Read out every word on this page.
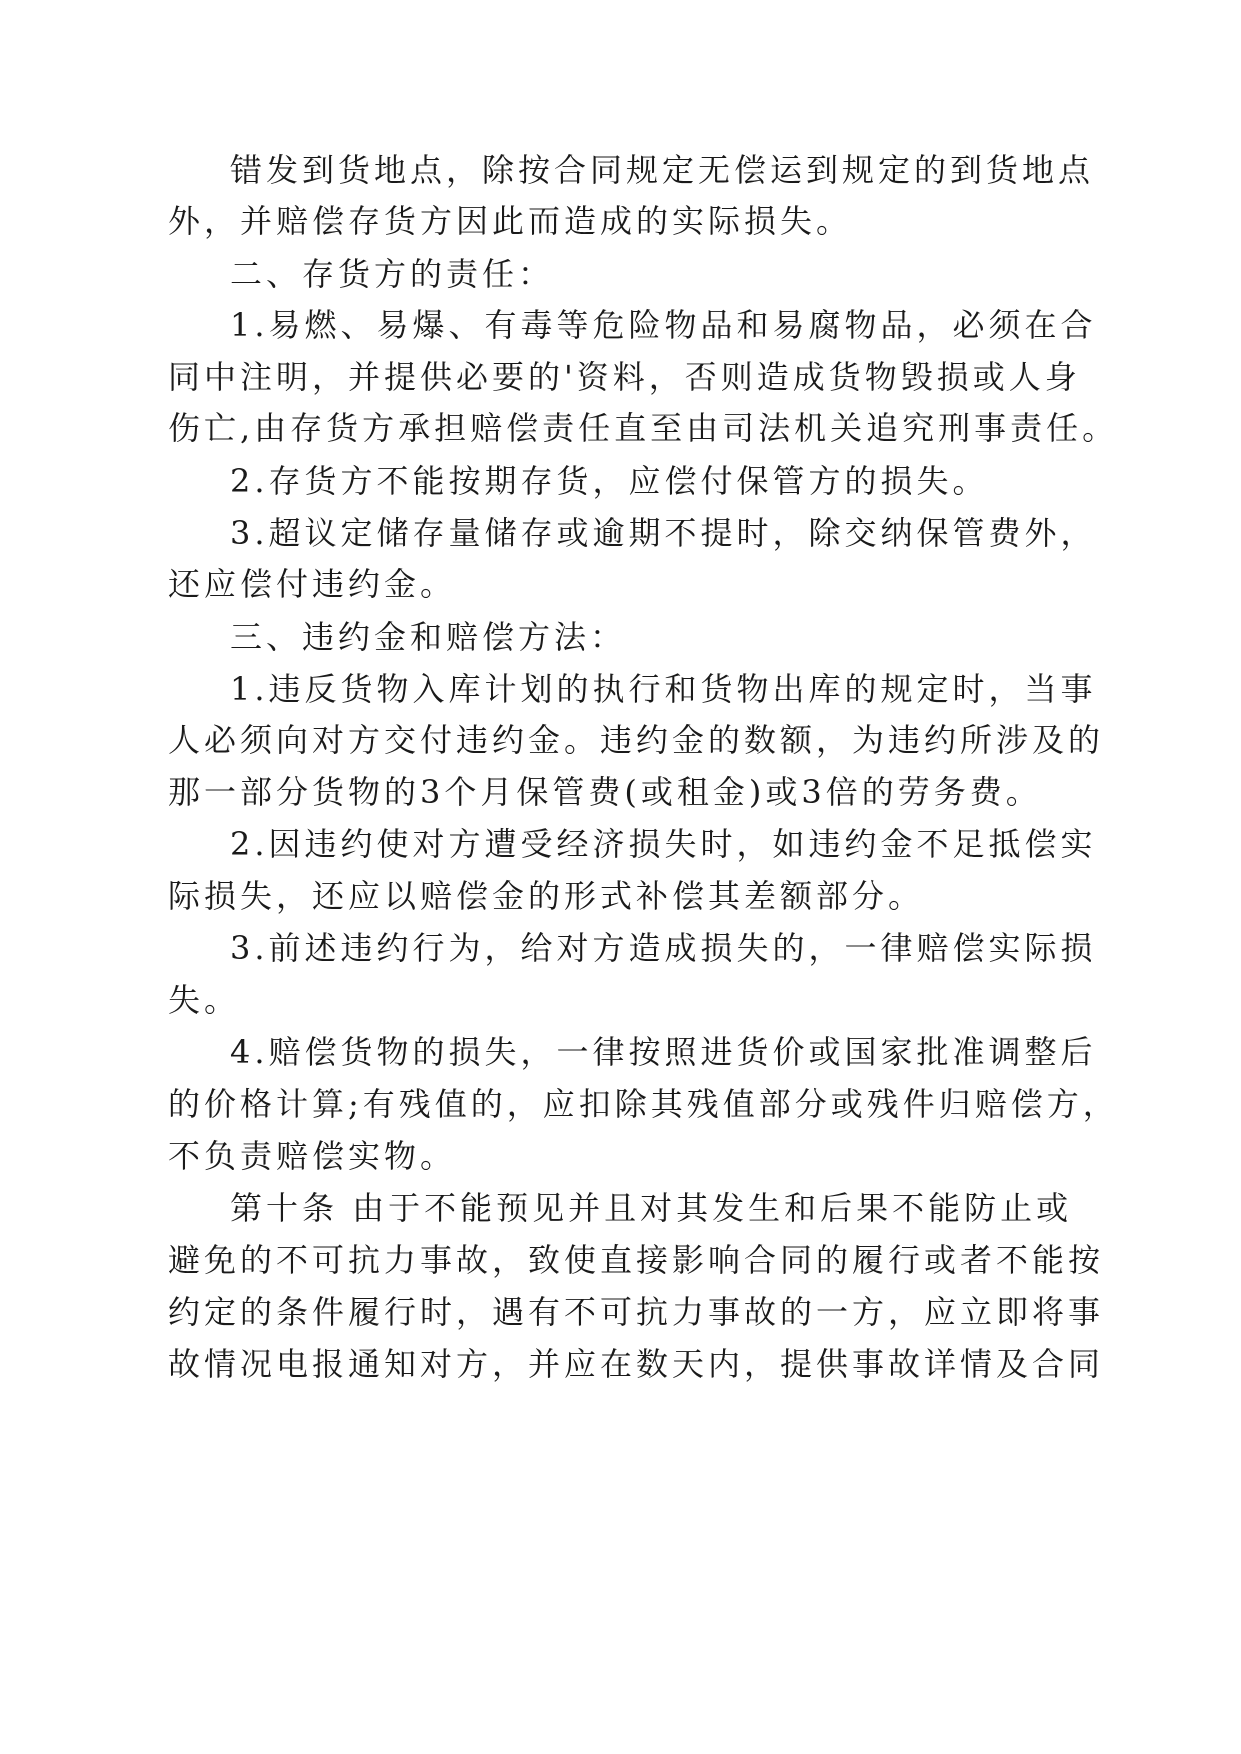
错发到货地点，除按合同规定无偿运到规定的到货地点
外，并赔偿存货方因此而造成的实际损失。
二、存货方的责任：
1.易燃、易爆、有毒等危险物品和易腐物品，必须在合
同中注明，并提供必要的'资料，否则造成货物毁损或人身
伤亡,由存货方承担赔偿责任直至由司法机关追究刑事责任。
2.存货方不能按期存货，应偿付保管方的损失。
3.超议定储存量储存或逾期不提时，除交纳保管费外，
还应偿付违约金。
三、违约金和赔偿方法：
1.违反货物入库计划的执行和货物出库的规定时，当事
人必须向对方交付违约金。违约金的数额，为违约所涉及的
那一部分货物的3个月保管费(或租金)或3倍的劳务费。
2.因违约使对方遭受经济损失时，如违约金不足抵偿实
际损失，还应以赔偿金的形式补偿其差额部分。
3.前述违约行为，给对方造成损失的，一律赔偿实际损
失。
4.赔偿货物的损失，一律按照进货价或国家批准调整后
的价格计算;有残值的，应扣除其残值部分或残件归赔偿方，
不负责赔偿实物。
第十条 由于不能预见并且对其发生和后果不能防止或
避免的不可抗力事故，致使直接影响合同的履行或者不能按
约定的条件履行时，遇有不可抗力事故的一方，应立即将事
故情况电报通知对方，并应在数天内，提供事故详情及合同
